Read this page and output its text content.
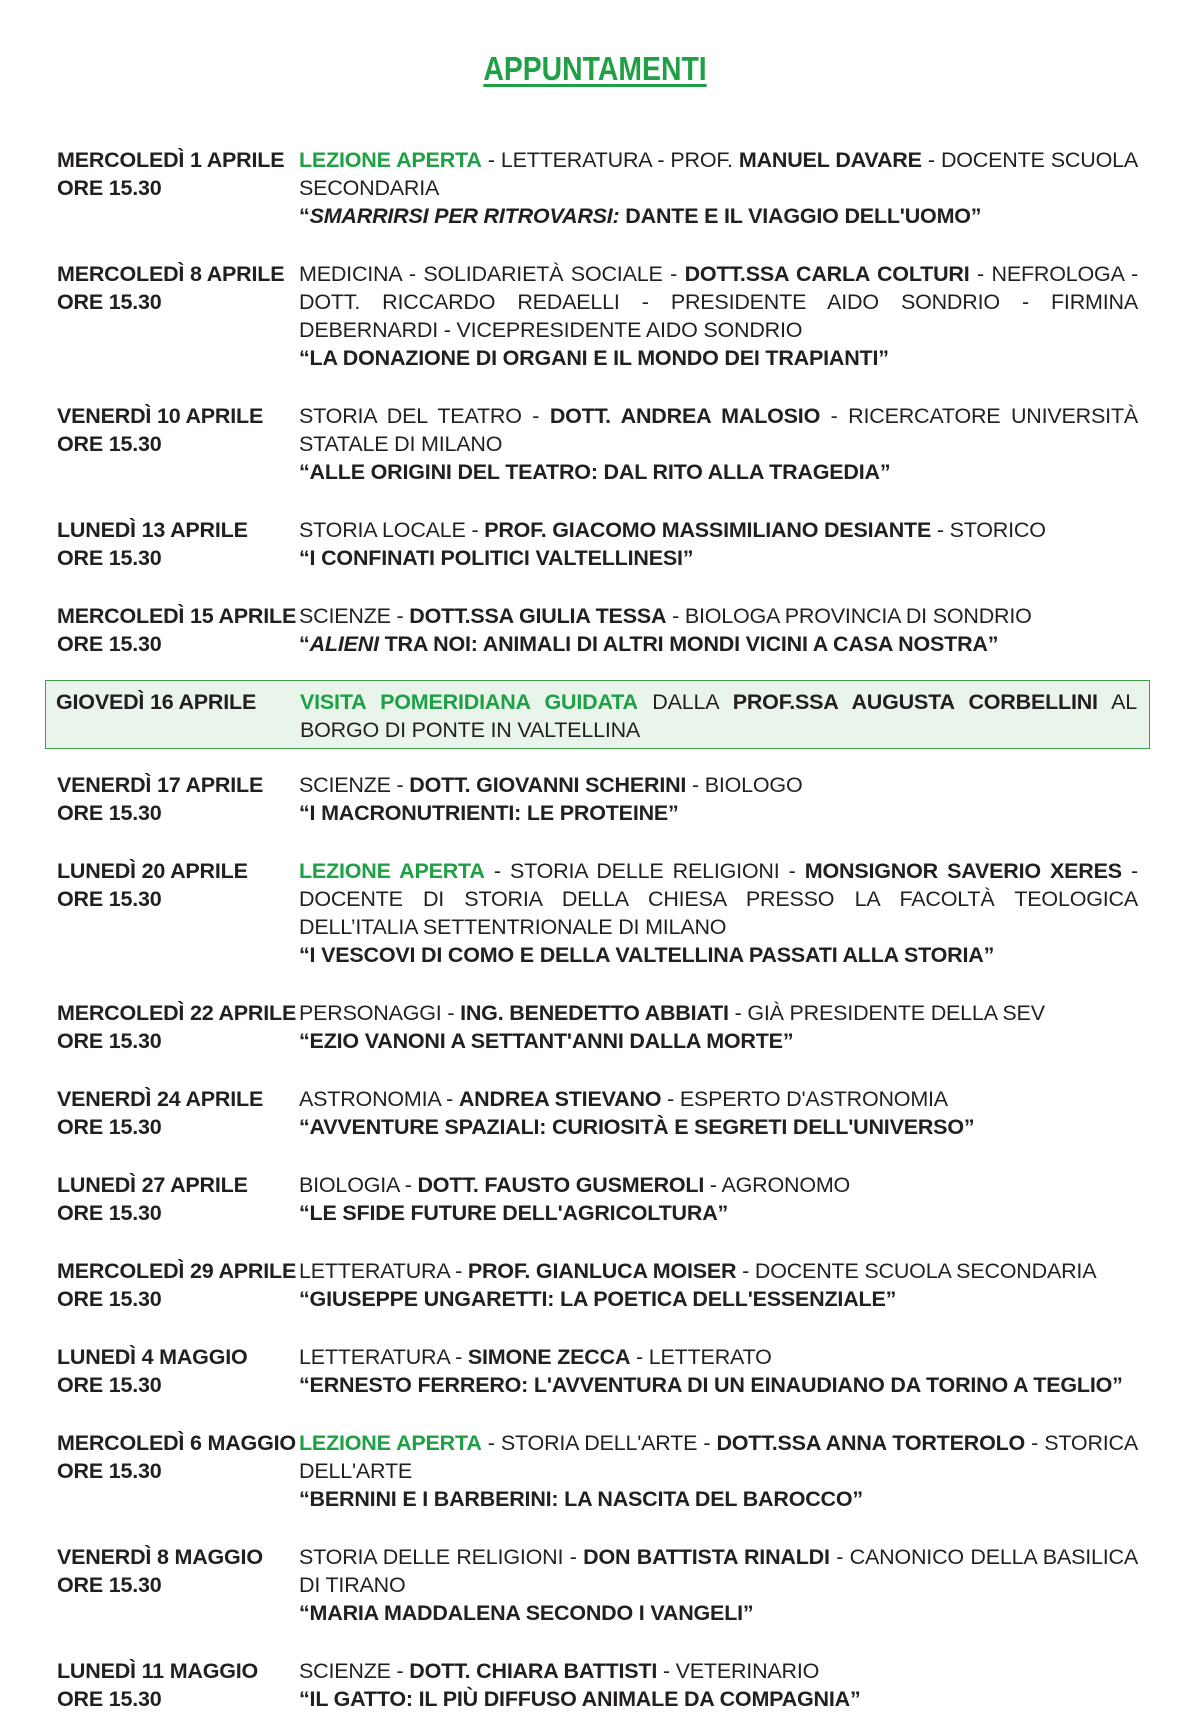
APPUNTAMENTI
MERCOLEDÌ 1 APRILE
ORE 15.30
LEZIONE APERTA - LETTERATURA - PROF. MANUEL DAVARE - DOCENTE SCUOLA SECONDARIA
“SMARRIRSI PER RITROVARSI: DANTE E IL VIAGGIO DELL'UOMO”
MERCOLEDÌ 8 APRILE
ORE 15.30
MEDICINA - SOLIDARIETÀ SOCIALE - DOTT.SSA CARLA COLTURI - NEFROLOGA - DOTT. RICCARDO REDAELLI - PRESIDENTE AIDO SONDRIO - FIRMINA DEBERNARDI - VICEPRESIDENTE AIDO SONDRIO
“LA DONAZIONE DI ORGANI E IL MONDO DEI TRAPIANTI”
VENERDÌ 10 APRILE
ORE 15.30
STORIA DEL TEATRO - DOTT. ANDREA MALOSIO - RICERCATORE UNIVERSITÀ STATALE DI MILANO
“ALLE ORIGINI DEL TEATRO: DAL RITO ALLA TRAGEDIA”
LUNEDÌ 13 APRILE
ORE 15.30
STORIA LOCALE - PROF. GIACOMO MASSIMILIANO DESIANTE - STORICO
“I CONFINATI POLITICI VALTELLINESI”
MERCOLEDÌ 15 APRILE
ORE 15.30
SCIENZE - DOTT.SSA GIULIA TESSA - BIOLOGA PROVINCIA DI SONDRIO
“ALIENI TRA NOI: ANIMALI DI ALTRI MONDI VICINI A CASA NOSTRA”
GIOVEDÌ 16 APRILE	VISITA POMERIDIANA GUIDATA DALLA PROF.SSA AUGUSTA CORBELLINI AL BORGO DI PONTE IN VALTELLINA
VENERDÌ 17 APRILE
ORE 15.30
SCIENZE - DOTT. GIOVANNI SCHERINI - BIOLOGO
“I MACRONUTRIENTI: LE PROTEINE”
LUNEDÌ 20 APRILE
ORE 15.30
LEZIONE APERTA - STORIA DELLE RELIGIONI - MONSIGNOR SAVERIO XERES - DOCENTE DI STORIA DELLA CHIESA PRESSO LA FACOLTÀ TEOLOGICA DELL’ITALIA SETTENTRIONALE DI MILANO
“I VESCOVI DI COMO E DELLA VALTELLINA PASSATI ALLA STORIA”
MERCOLEDÌ 22 APRILE
ORE 15.30
PERSONAGGI - ING. BENEDETTO ABBIATI - GIÀ PRESIDENTE DELLA SEV
“EZIO VANONI A SETTANT'ANNI DALLA MORTE”
VENERDÌ 24 APRILE
ORE 15.30
ASTRONOMIA - ANDREA STIEVANO - ESPERTO D'ASTRONOMIA
“AVVENTURE SPAZIALI: CURIOSITÀ E SEGRETI DELL'UNIVERSO”
LUNEDÌ 27 APRILE
ORE 15.30
BIOLOGIA - DOTT. FAUSTO GUSMEROLI - AGRONOMO
“LE SFIDE FUTURE DELL'AGRICOLTURA”
MERCOLEDÌ 29 APRILE
ORE 15.30
LETTERATURA - PROF. GIANLUCA MOISER - DOCENTE SCUOLA SECONDARIA
“GIUSEPPE UNGARETTI: LA POETICA DELL'ESSENZIALE”
LUNEDÌ 4 MAGGIO
ORE 15.30
LETTERATURA - SIMONE ZECCA - LETTERATO
“ERNESTO FERRERO: L'AVVENTURA DI UN EINAUDIANO DA TORINO A TEGLIO”
MERCOLEDÌ 6 MAGGIO
ORE 15.30
LEZIONE APERTA - STORIA DELL'ARTE - DOTT.SSA ANNA TORTEROLO - STORICA DELL'ARTE
“BERNINI E I BARBERINI: LA NASCITA DEL BAROCCO”
VENERDÌ 8 MAGGIO
ORE 15.30
STORIA DELLE RELIGIONI - DON BATTISTA RINALDI - CANONICO DELLA BASILICA DI TIRANO
“MARIA MADDALENA SECONDO I VANGELI”
LUNEDÌ 11 MAGGIO
ORE 15.30
SCIENZE - DOTT. CHIARA BATTISTI - VETERINARIO
“IL GATTO: IL PIÙ DIFFUSO ANIMALE DA COMPAGNIA”
